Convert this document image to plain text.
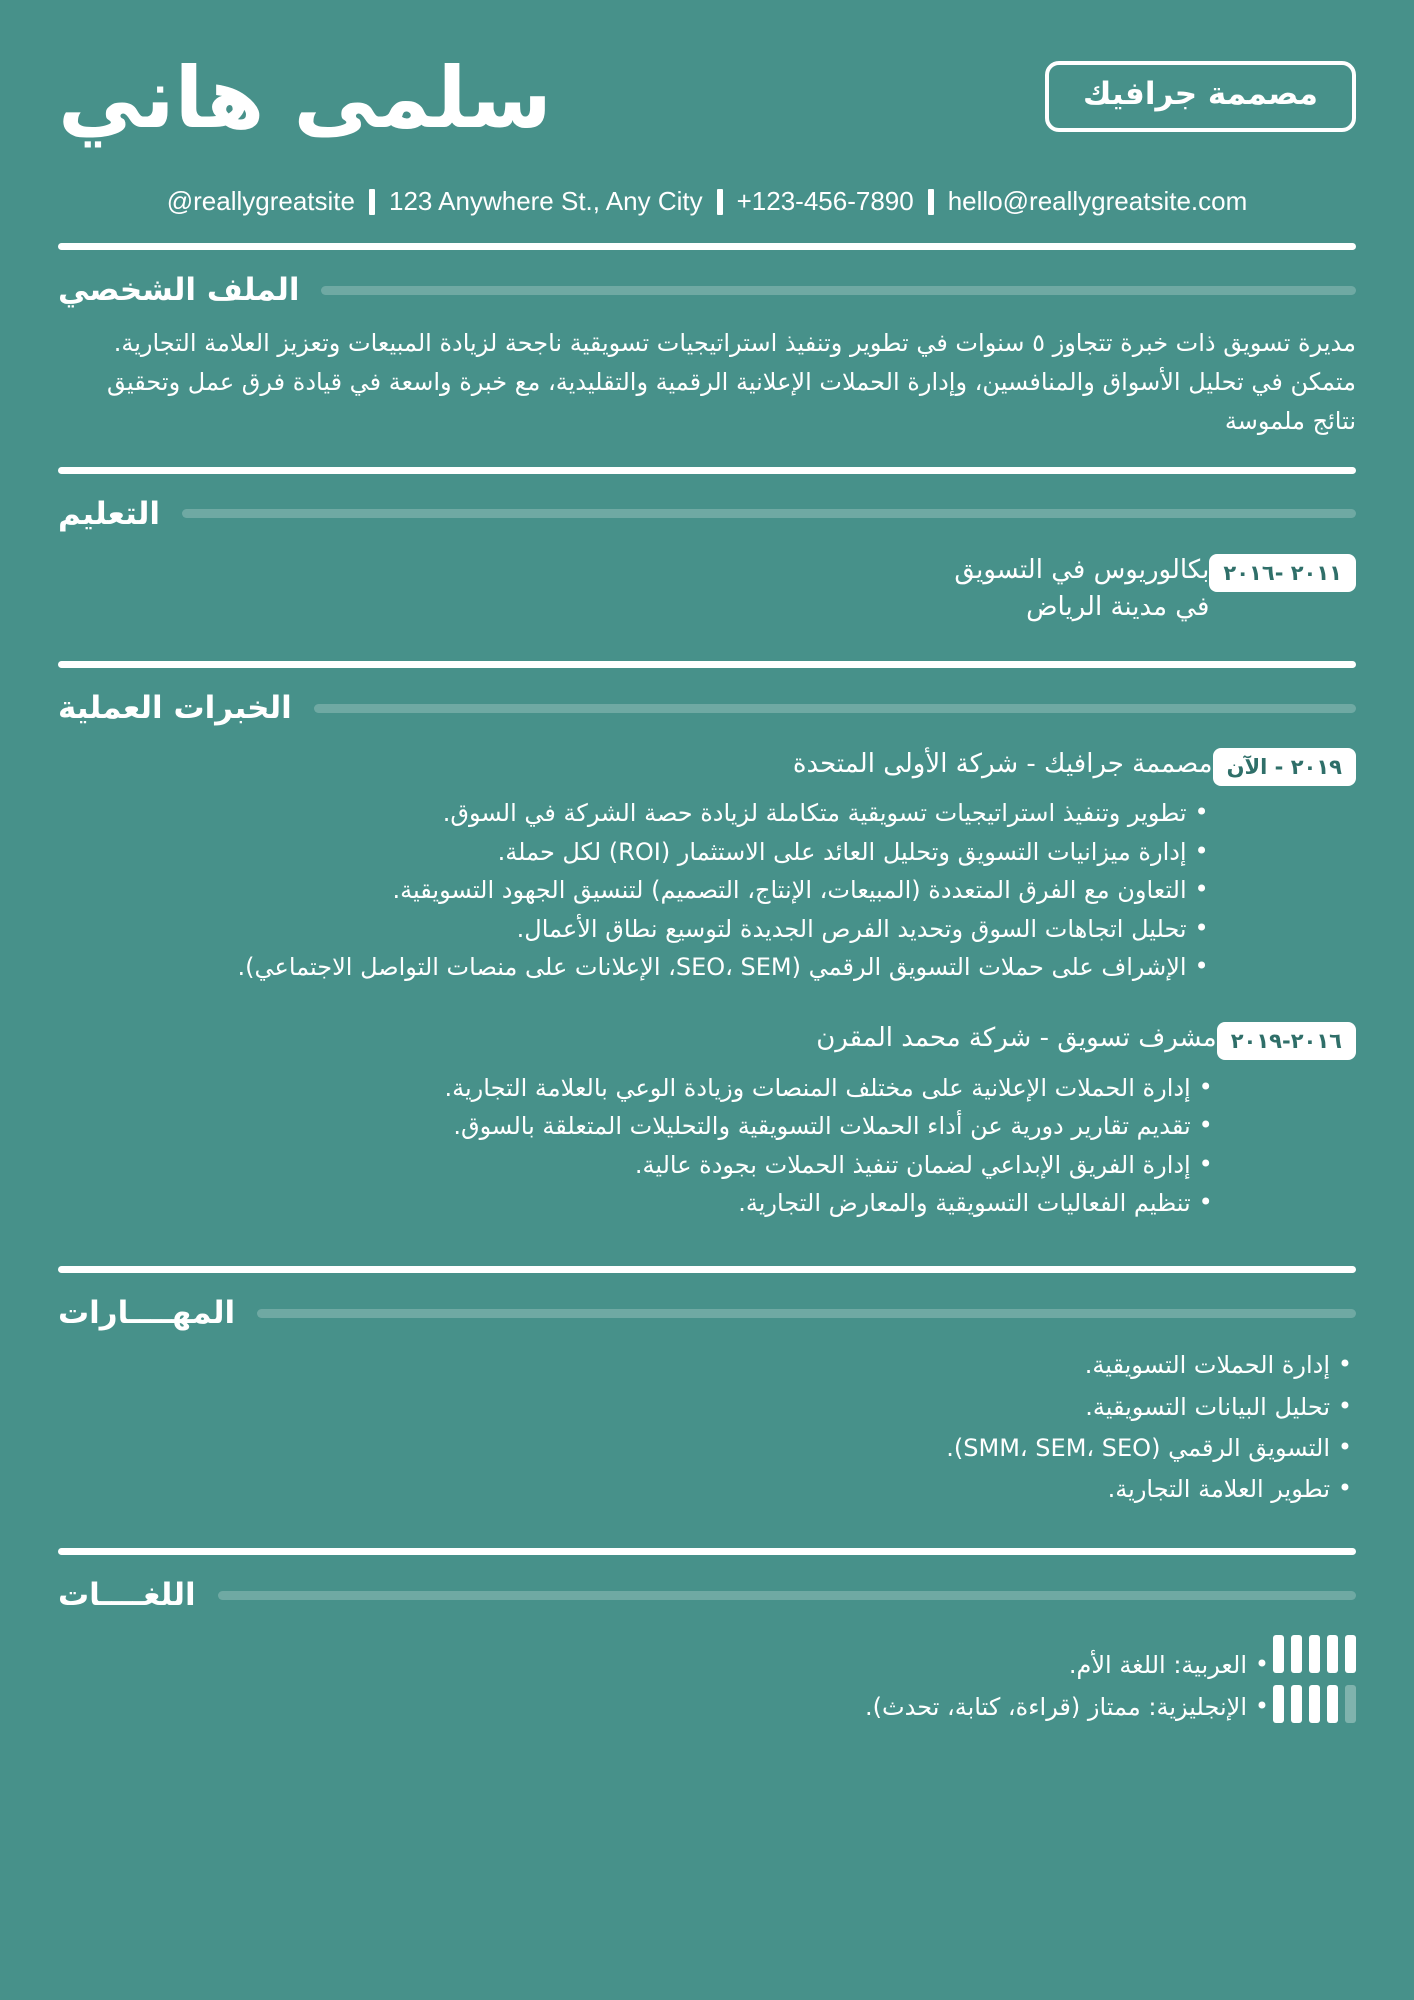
سلمى هاني	مصممة جرافيك
@reallygreatsite	123 Anywhere St., Any City	+123-456-7890	hello@reallygreatsite.com
الملف الشخصي
مديرة تسويق ذات خبرة تتجاوز ٥ سنوات في تطوير وتنفيذ استراتيجيات تسويقية ناجحة لزيادة المبيعات وتعزيز العلامة التجارية. متمكن في تحليل الأسواق والمنافسين، وإدارة الحملات الإعلانية الرقمية والتقليدية، مع خبرة واسعة في قيادة فرق عمل وتحقيق نتائج ملموسة
التعليم
بكالوريوس في التسويق
في مدينة الرياض
٢٠١١ -٢٠١٦
الخبرات العملية
مصممة جرافيك - شركة الأولى المتحدة
• تطوير وتنفيذ استراتيجيات تسويقية متكاملة لزيادة حصة الشركة في السوق.
• إدارة ميزانيات التسويق وتحليل العائد على الاستثمار (ROI) لكل حملة.
• التعاون مع الفرق المتعددة (المبيعات، الإنتاج، التصميم) لتنسيق الجهود التسويقية.
• تحليل اتجاهات السوق وتحديد الفرص الجديدة لتوسيع نطاق الأعمال.
• الإشراف على حملات التسويق الرقمي (SEO، SEM، الإعلانات على منصات التواصل الاجتماعي).
٢٠١٩ - الآن
مشرف تسويق - شركة محمد المقرن
• إدارة الحملات الإعلانية على مختلف المنصات وزيادة الوعي بالعلامة التجارية.
• تقديم تقارير دورية عن أداء الحملات التسويقية والتحليلات المتعلقة بالسوق.
• إدارة الفريق الإبداعي لضمان تنفيذ الحملات بجودة عالية.
• تنظيم الفعاليات التسويقية والمعارض التجارية.
٢٠١٦-٢٠١٩
المهــــارات
• إدارة الحملات التسويقية.
• تحليل البيانات التسويقية.
• التسويق الرقمي (SMM، SEM، SEO).
• تطوير العلامة التجارية.
اللغــــات
• العربية: اللغة الأم.
• الإنجليزية: ممتاز (قراءة، كتابة، تحدث).
